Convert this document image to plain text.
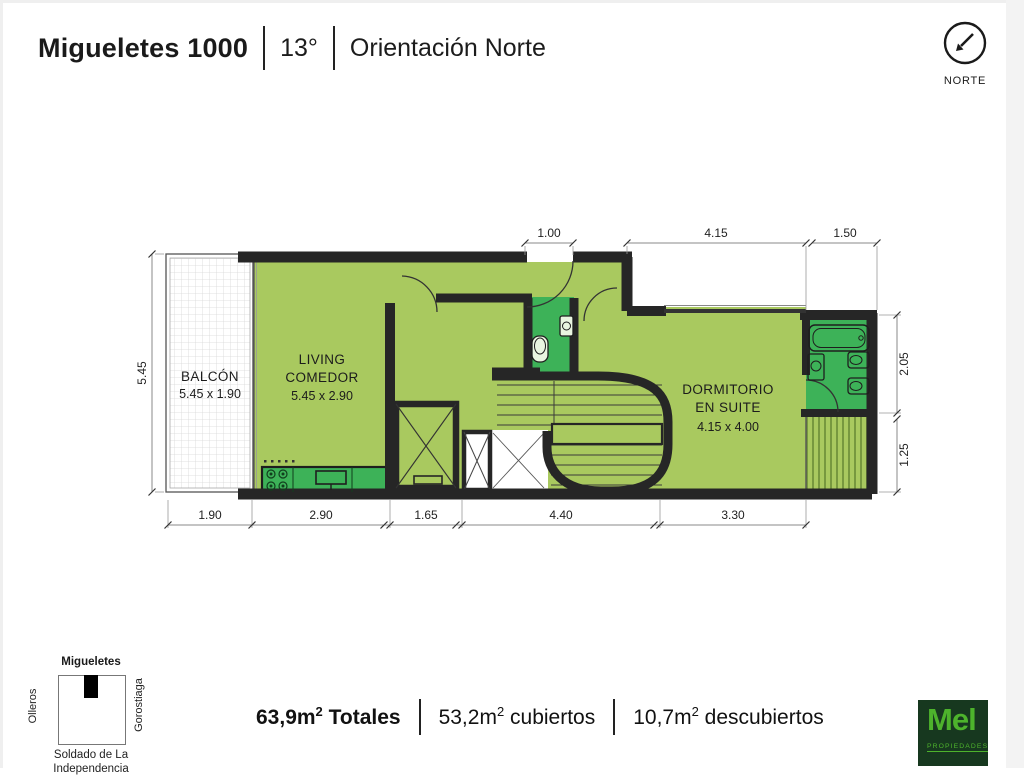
Migueletes 1000 13° Orientación Norte
NORTE
BALCÓN
5.45 x 1.90
LIVING
COMEDOR
5.45 x 2.90	DORMITORIO
EN SUITE
4.15 x 4.00
1.00	4.15	1.50
1.90	2.90	1.65	4.40	3.30
5.45	2.05
1.25
Migueletes
Olleros	Gorostiaga
Soldado de La
Independencia
$63,9m^2$ Totales $53,2m^2$ cubiertos $10,7m^2$ descubiertos	Mel
PROPIEDADES
